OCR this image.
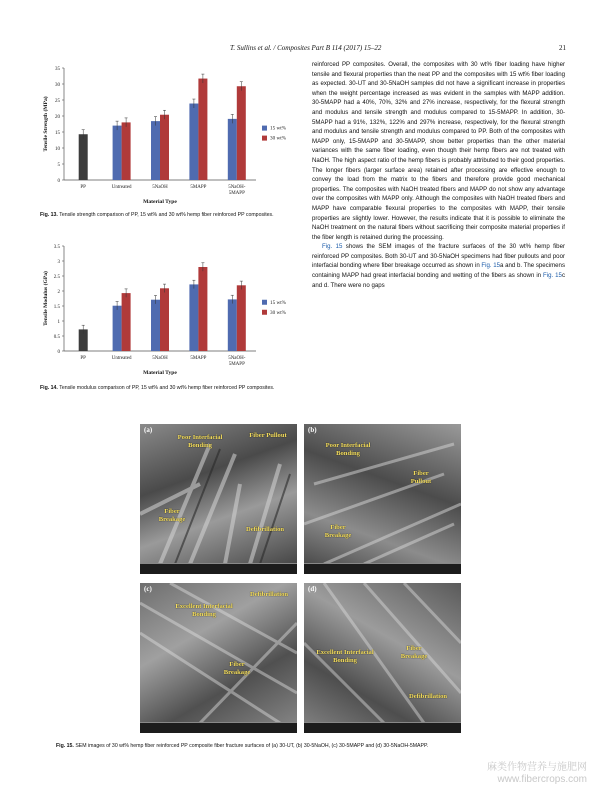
T. Sullins et al. / Composites Part B 114 (2017) 15–22	21
0
5
10
15
20
25
30
35
Tensile Strength (MPa)
PP	Untreated	5NaOH	5MAPP	5NaOH-
5MAPP
Material Type
15 wt%
30 wt%
Fig. 13. Tensile strength comparison of PP, 15 wt% and 30 wt% hemp fiber reinforced PP composites.
0
0.5
1
1.5
2
2.5
3
3.5
Tensile Modulus (GPa)
PP	Untreated	5NaOH	5MAPP	5NaOH-
5MAPP
Material Type
15 wt%
30 wt%
Fig. 14. Tensile modulus comparison of PP, 15 wt% and 30 wt% hemp fiber reinforced PP composites.

reinforced PP composites. Overall, the composites with 30 wt% fiber loading have higher tensile and flexural properties than the neat PP and the composites with 15 wt% fiber loading as expected. 30-UT and 30-5NaOH samples did not have a significant increase in properties when the weight percentage increased as was evident in the samples with MAPP addition. 30-5MAPP had a 40%, 70%, 32% and 27% increase, respectively, for the flexural strength and modulus and tensile strength and modulus compared to 15-5MAPP. In addition, 30-5MAPP had a 91%, 132%, 122% and 297% increase, respectively, for the flexural strength and modulus and tensile strength and modulus compared to PP. Both of the composites with MAPP only, 15-5MAPP and 30-5MAPP, show better properties than the other material variances with the same fiber loading, even though their hemp fibers are not treated with NaOH. The high aspect ratio of the hemp fibers is probably attributed to their good properties. The longer fibers (larger surface area) retained after processing are effective enough to convey the load from the matrix to the fibers and therefore provide good mechanical properties. The composites with NaOH treated fibers and MAPP do not show any advantage over the composites with MAPP only. Although the composites with NaOH treated fibers and MAPP have comparable flexural properties to the composites with MAPP, their tensile properties are slightly lower. However, the results indicate that it is possible to eliminate the NaOH treatment on the natural fibers without sacrificing their composite material properties if the fiber length is retained during the processing.

Fig. 15 shows the SEM images of the fracture surfaces of the 30 wt% hemp fiber reinforced PP composites. Both 30-UT and 30-5NaOH specimens had fiber pullouts and poor interfacial bonding where fiber breakage occurred as shown in Fig. 15a and b. The specimens containing MAPP had great interfacial bonding and wetting of the fibers as shown in Fig. 15c and d. There were no gaps

(a)
Poor Interfacial Bonding
Fiber Pullout
Fiber Breakage
Defibrillation
(b)
Poor Interfacial Bonding
Fiber Pullout
Fiber Breakage
(c)
Excellent Interfacial Bonding
Defibrillation
Fiber Breakage
(d)
Excellent Interfacial Bonding
Fiber Breakage
Defibrillation
Fig. 15. SEM images of 30 wt% hemp fiber reinforced PP composite fiber fracture surfaces of (a) 30-UT, (b) 30-5NaOH, (c) 30-5MAPP and (d) 30-5NaOH-5MAPP.
麻类作物营养与施肥网
www.fibercrops.com
